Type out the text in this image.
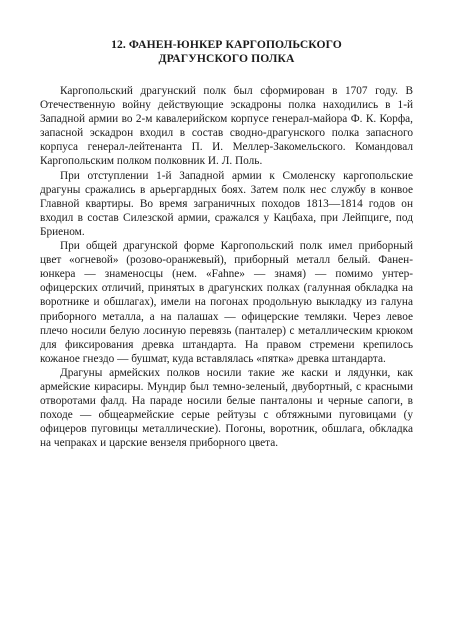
12. ФАНЕН-ЮНКЕР КАРГОПОЛЬСКОГО
ДРАГУНСКОГО ПОЛКА

Каргопольский драгунский полк был сформирован в 1707 году. В Отечественную войну действующие эскадроны полка находились в 1-й Западной армии во 2-м кавалерийском корпусе генерал-майора Ф. К. Корфа, запасной эскадрон входил в состав сводно-драгунского полка запасного корпуса генерал-лейтенанта П. И. Меллер-Закомельского. Командовал Каргопольским полком полковник И. Л. Поль.

При отступлении 1-й Западной армии к Смоленску каргопольские драгуны сражались в арьергардных боях. Затем полк нес службу в конвое Главной квартиры. Во время заграничных походов 1813—1814 годов он входил в состав Силезской армии, сражался у Кацбаха, при Лейпциге, под Бриеном.

При общей драгунской форме Каргопольский полк имел приборный цвет «огневой» (розово-оранжевый), приборный металл белый. Фанен-юнкера — знаменосцы (нем. «Fahne» — знамя) — помимо унтер-офицерских отличий, принятых в драгунских полках (галунная обкладка на воротнике и обшлагах), имели на погонах продольную выкладку из галуна приборного металла, а на палашах — офицерские темляки. Через левое плечо носили белую лосиную перевязь (панталер) с металлическим крюком для фиксирования древка штандарта. На правом стремени крепилось кожаное гнездо — бушмат, куда вставлялась «пятка» древка штандарта.

Драгуны армейских полков носили такие же каски и лядунки, как армейские кирасиры. Мундир был темно-зеленый, двубортный, с красными отворотами фалд. На параде носили белые панталоны и черные сапоги, в походе — общеармейские серые рейтузы с обтяжными пуговицами (у офицеров пуговицы металлические). Погоны, воротник, обшлага, обкладка на чепраках и царские вензеля приборного цвета.
